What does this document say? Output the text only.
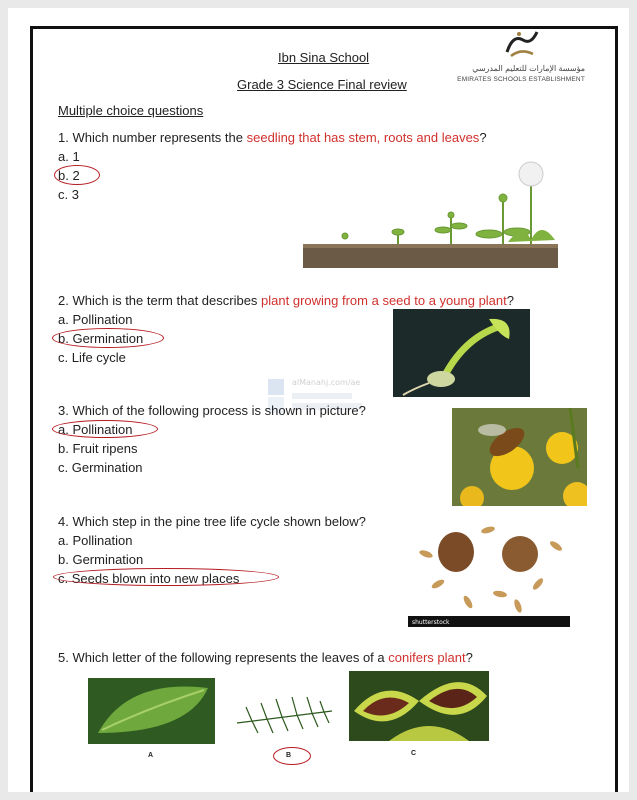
Ibn Sina School
Grade 3 Science Final review
مؤسسة الإمارات للتعليم المدرسي
EMIRATES SCHOOLS ESTABLISHMENT
Multiple choice questions
1. Which number represents the seedling that has stem, roots and leaves?
a. 1
b. 2
c. 3
2. Which is the term that describes plant growing from a seed to a young plant?
a. Pollination
b. Germination
c. Life cycle
alManahj.com/ae
3. Which of the following process is shown in picture?
a. Pollination
b. Fruit ripens
c. Germination
4. Which step in the pine tree life cycle shown below?
a. Pollination
b. Germination
c. Seeds blown into new places
shutterstock
5. Which letter of the following represents the leaves of a conifers plant?
A	B	C
